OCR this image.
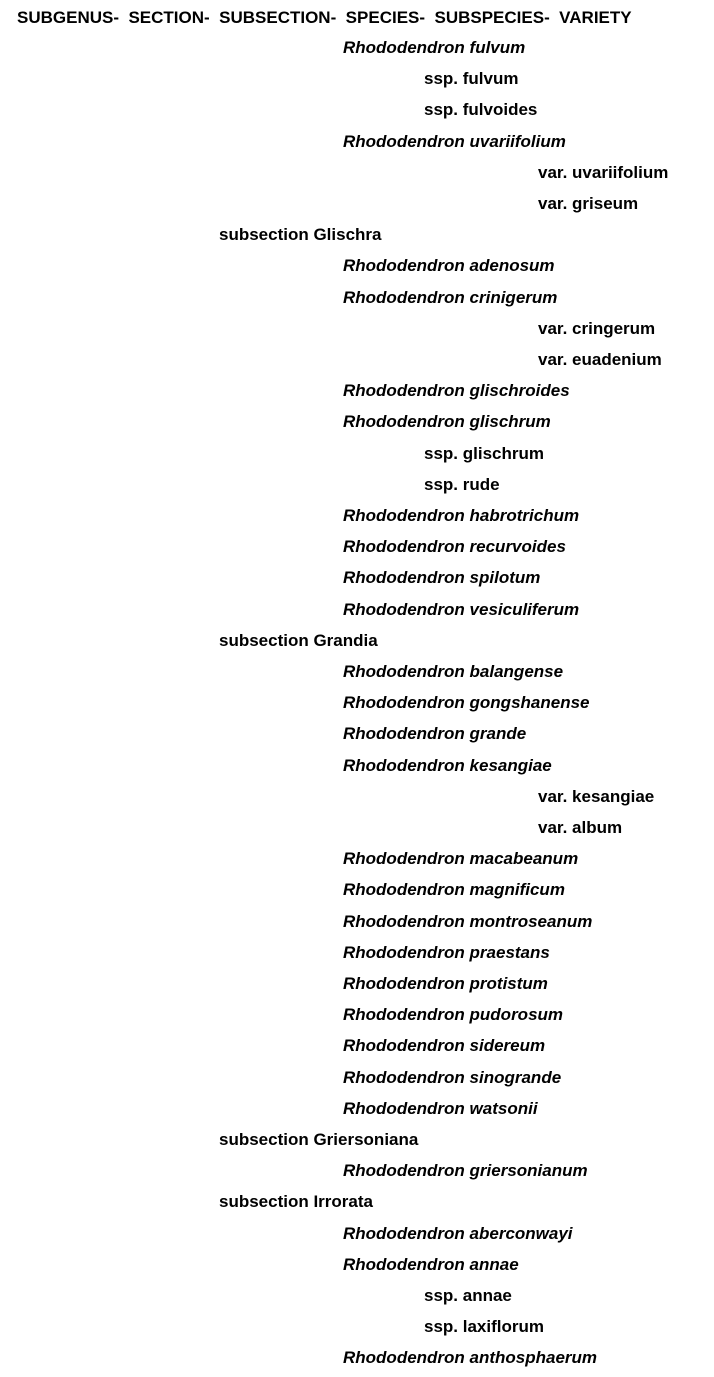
SUBGENUS-  SECTION-  SUBSECTION-  SPECIES-  SUBSPECIES-  VARIETY
Rhododendron fulvum
ssp. fulvum
ssp. fulvoides
Rhododendron uvariifolium
var. uvariifolium
var. griseum
subsection Glischra
Rhododendron adenosum
Rhododendron crinigerum
var. cringerum
var. euadenium
Rhododendron glischroides
Rhododendron glischrum
ssp. glischrum
ssp. rude
Rhododendron habrotrichum
Rhododendron recurvoides
Rhododendron spilotum
Rhododendron vesiculiferum
subsection Grandia
Rhododendron balangense
Rhododendron gongshanense
Rhododendron grande
Rhododendron kesangiae
var. kesangiae
var. album
Rhododendron macabeanum
Rhododendron magnificum
Rhododendron montroseanum
Rhododendron praestans
Rhododendron protistum
Rhododendron pudorosum
Rhododendron sidereum
Rhododendron sinogrande
Rhododendron watsonii
subsection Griersoniana
Rhododendron griersonianum
subsection Irrorata
Rhododendron aberconwayi
Rhododendron annae
ssp. annae
ssp. laxiflorum
Rhododendron anthosphaerum
